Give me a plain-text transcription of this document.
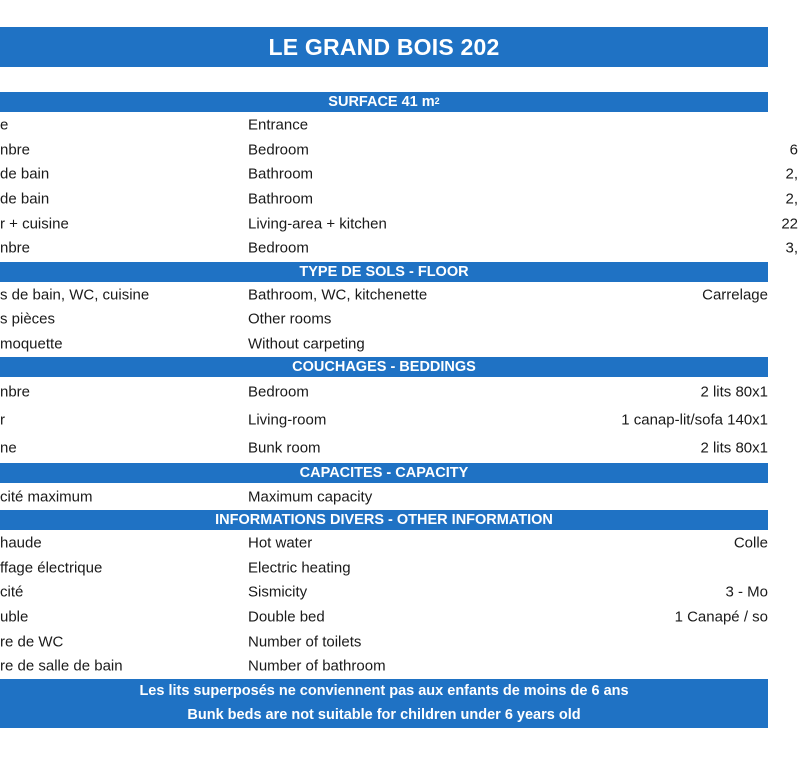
LE GRAND BOIS 202
SURFACE 41 $m^2$
e	Entrance
nbre	Bedroom	6
de bain	Bathroom	2,
de bain	Bathroom	2,
r + cuisine	Living-area + kitchen	22
nbre	Bedroom	3,
TYPE DE SOLS - FLOOR
s de bain, WC, cuisine	Bathroom, WC, kitchenette	Carrelage
s pièces	Other rooms
moquette	Without carpeting
COUCHAGES - BEDDINGS
nbre	Bedroom	2 lits 80x1
r	Living-room	1 canap-lit/sofa 140x1
ne	Bunk room	2 lits 80x1
CAPACITES - CAPACITY
cité maximum	Maximum capacity
INFORMATIONS DIVERS - OTHER INFORMATION
haude	Hot water	Colle
ffage électrique	Electric heating
cité	Sismicity	3 - Mo
uble	Double bed	1 Canapé / so
re de WC	Number of toilets
re de salle de bain	Number of bathroom
Les lits superposés ne conviennent pas aux enfants de moins de 6 ans
Bunk beds are not suitable for children under 6 years old
